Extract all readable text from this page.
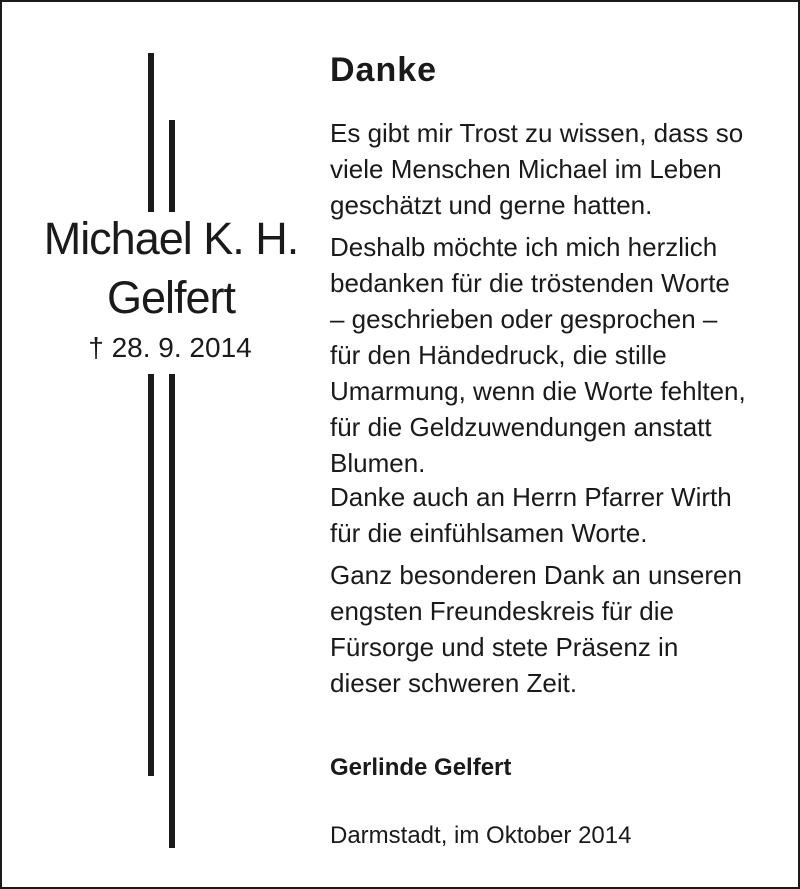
Michael K. H.
Gelfert
† 28. 9. 2014
Danke
Es gibt mir Trost zu wissen, dass so
viele Menschen Michael im Leben
geschätzt und gerne hatten.
Deshalb möchte ich mich herzlich
bedanken für die tröstenden Worte
– geschrieben oder gesprochen –
für den Händedruck, die stille
Umarmung, wenn die Worte fehlten,
für die Geldzuwendungen anstatt
Blumen.
Danke auch an Herrn Pfarrer Wirth
für die einfühlsamen Worte.
Ganz besonderen Dank an unseren
engsten Freundeskreis für die
Fürsorge und stete Präsenz in
dieser schweren Zeit.
Gerlinde Gelfert
Darmstadt, im Oktober 2014
